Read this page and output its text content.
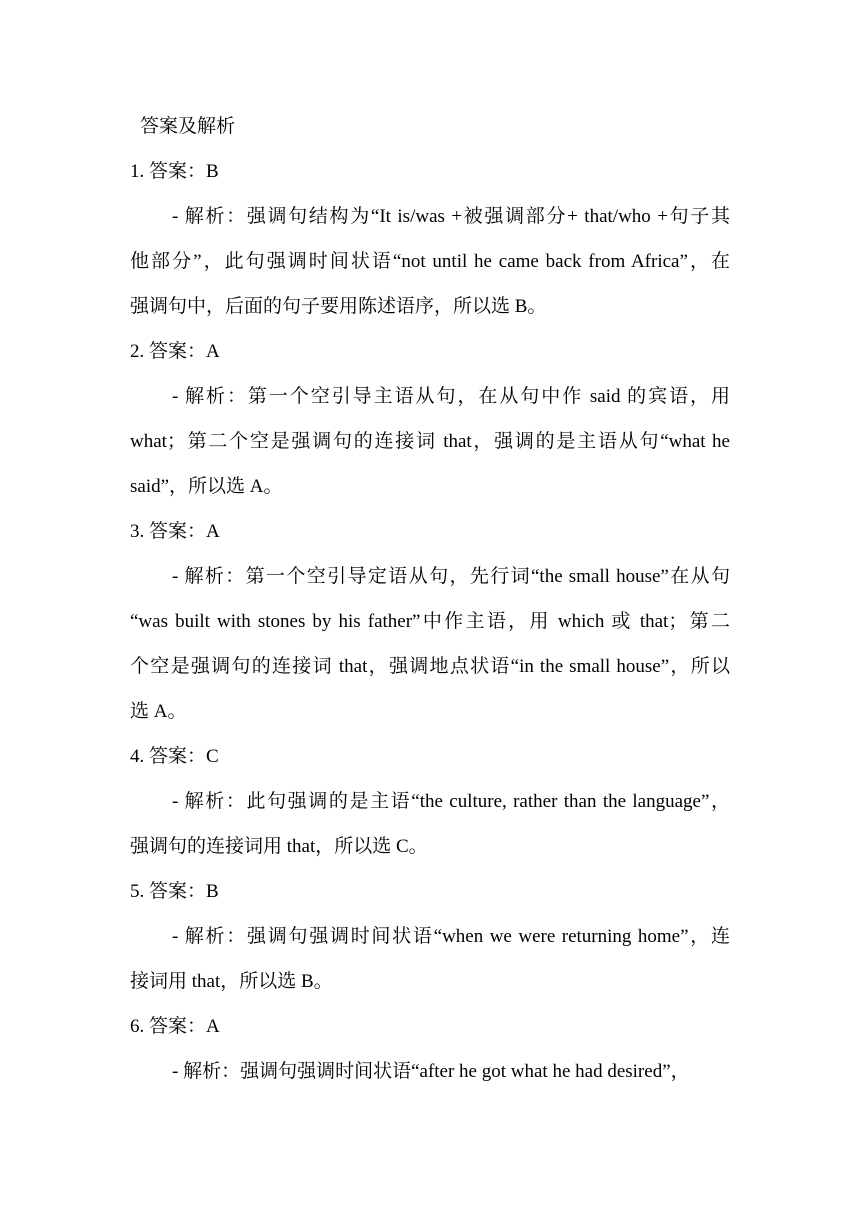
答案及解析
1. 答案：B
- 解析：强调句结构为“It is/was +被强调部分+ that/who +句子其
他部分”，此句强调时间状语“not until he came back from Africa”，在
强调句中，后面的句子要用陈述语序，所以选 B。
2. 答案：A
- 解析：第一个空引导主语从句，在从句中作 said 的宾语，用
what；第二个空是强调句的连接词 that，强调的是主语从句“what he
said”，所以选 A。
3. 答案：A
- 解析：第一个空引导定语从句，先行词“the small house”在从句
“was built with stones by his father”中作主语，用 which 或 that；第二
个空是强调句的连接词 that，强调地点状语“in the small house”，所以
选 A。
4. 答案：C
- 解析：此句强调的是主语“the culture, rather than the language”，
强调句的连接词用 that，所以选 C。
5. 答案：B
- 解析：强调句强调时间状语“when we were returning home”，连
接词用 that，所以选 B。
6. 答案：A
- 解析：强调句强调时间状语“after he got what he had desired”，
